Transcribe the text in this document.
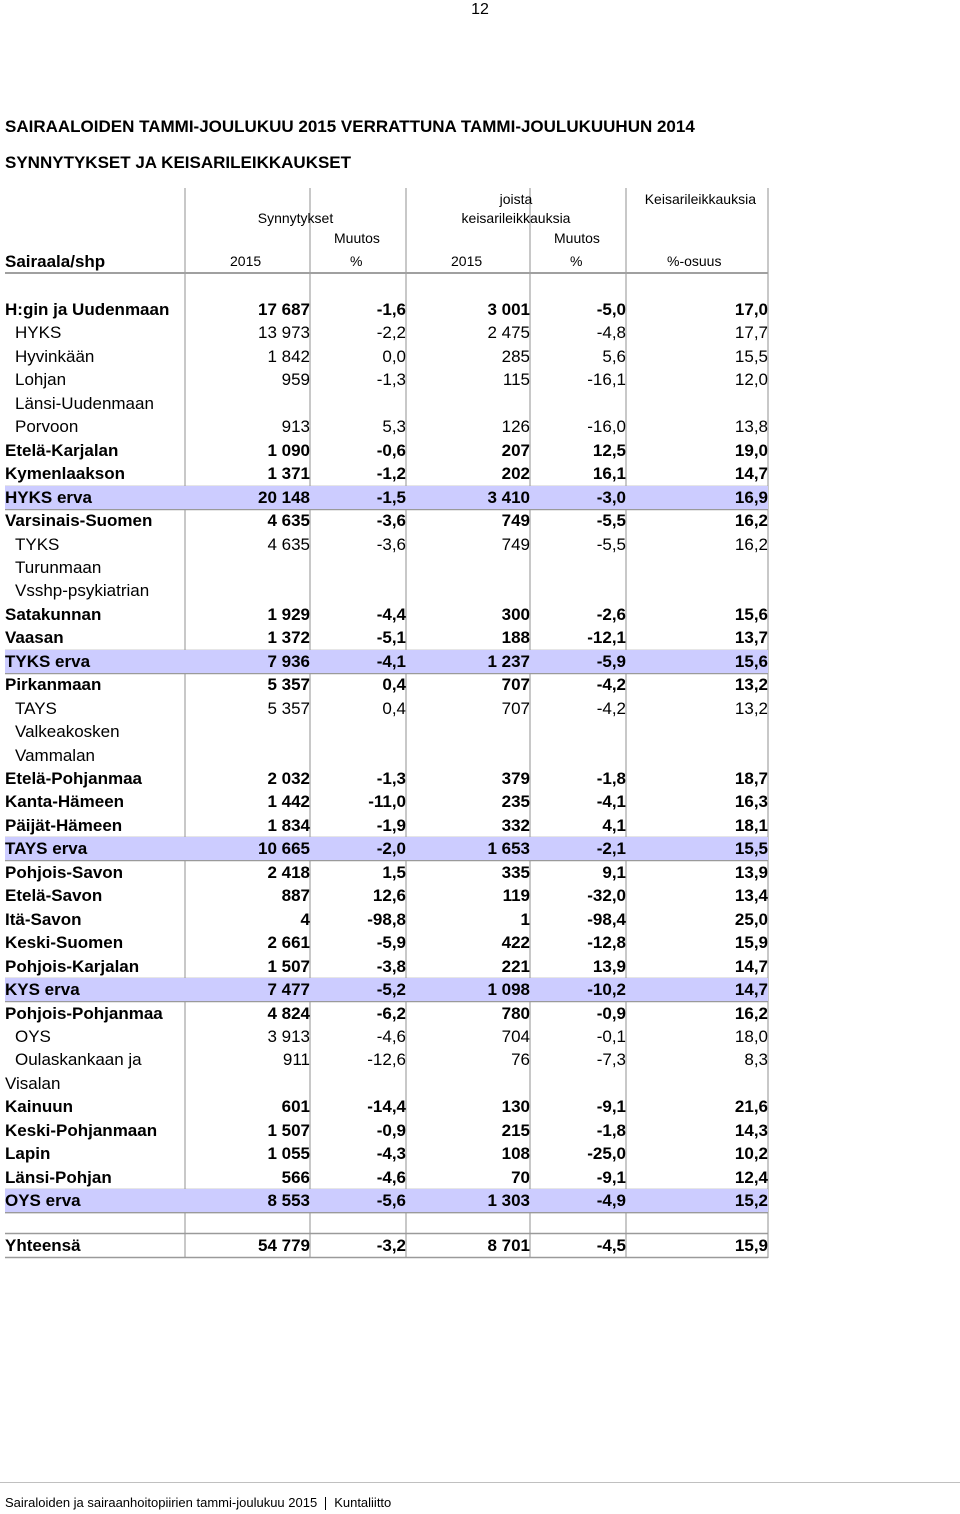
12
SAIRAALOIDEN TAMMI-JOULUKUU 2015 VERRATTUNA TAMMI-JOULUKUUHUN 2014
SYNNYTYKSET JA KEISARILEIKKAUKSET
Synnytykset
joista
keisarileikkauksia
Keisarileikkauksia
Muutos	Muutos
Sairaala/shp	2015	%	2015	%	%-osuus
H:gin ja Uudenmaan	17 687	-1,6	3 001	-5,0	17,0
HYKS	13 973	-2,2	2 475	-4,8	17,7
Hyvinkään	1 842	0,0	285	5,6	15,5
Lohjan	959	-1,3	115	-16,1	12,0
Länsi-Uudenmaan
Porvoon	913	5,3	126	-16,0	13,8
Etelä-Karjalan	1 090	-0,6	207	12,5	19,0
Kymenlaakson	1 371	-1,2	202	16,1	14,7
HYKS erva	20 148	-1,5	3 410	-3,0	16,9
Varsinais-Suomen	4 635	-3,6	749	-5,5	16,2
TYKS	4 635	-3,6	749	-5,5	16,2
Turunmaan
Vsshp-psykiatrian
Satakunnan	1 929	-4,4	300	-2,6	15,6
Vaasan	1 372	-5,1	188	-12,1	13,7
TYKS erva	7 936	-4,1	1 237	-5,9	15,6
Pirkanmaan	5 357	0,4	707	-4,2	13,2
TAYS	5 357	0,4	707	-4,2	13,2
Valkeakosken
Vammalan
Etelä-Pohjanmaa	2 032	-1,3	379	-1,8	18,7
Kanta-Hämeen	1 442	-11,0	235	-4,1	16,3
Päijät-Hämeen	1 834	-1,9	332	4,1	18,1
TAYS erva	10 665	-2,0	1 653	-2,1	15,5
Pohjois-Savon	2 418	1,5	335	9,1	13,9
Etelä-Savon	887	12,6	119	-32,0	13,4
Itä-Savon	4	-98,8	1	-98,4	25,0
Keski-Suomen	2 661	-5,9	422	-12,8	15,9
Pohjois-Karjalan	1 507	-3,8	221	13,9	14,7
KYS erva	7 477	-5,2	1 098	-10,2	14,7
Pohjois-Pohjanmaa	4 824	-6,2	780	-0,9	16,2
OYS	3 913	-4,6	704	-0,1	18,0
Oulaskankaan ja	911	-12,6	76	-7,3	8,3
Visalan
Kainuun	601	-14,4	130	-9,1	21,6
Keski-Pohjanmaan	1 507	-0,9	215	-1,8	14,3
Lapin	1 055	-4,3	108	-25,0	10,2
Länsi-Pohjan	566	-4,6	70	-9,1	12,4
OYS erva	8 553	-5,6	1 303	-4,9	15,2
Yhteensä	54 779	-3,2	8 701	-4,5	15,9
Sairaloiden ja sairaanhoitopiirien tammi-joulukuu 2015 Kuntaliitto
